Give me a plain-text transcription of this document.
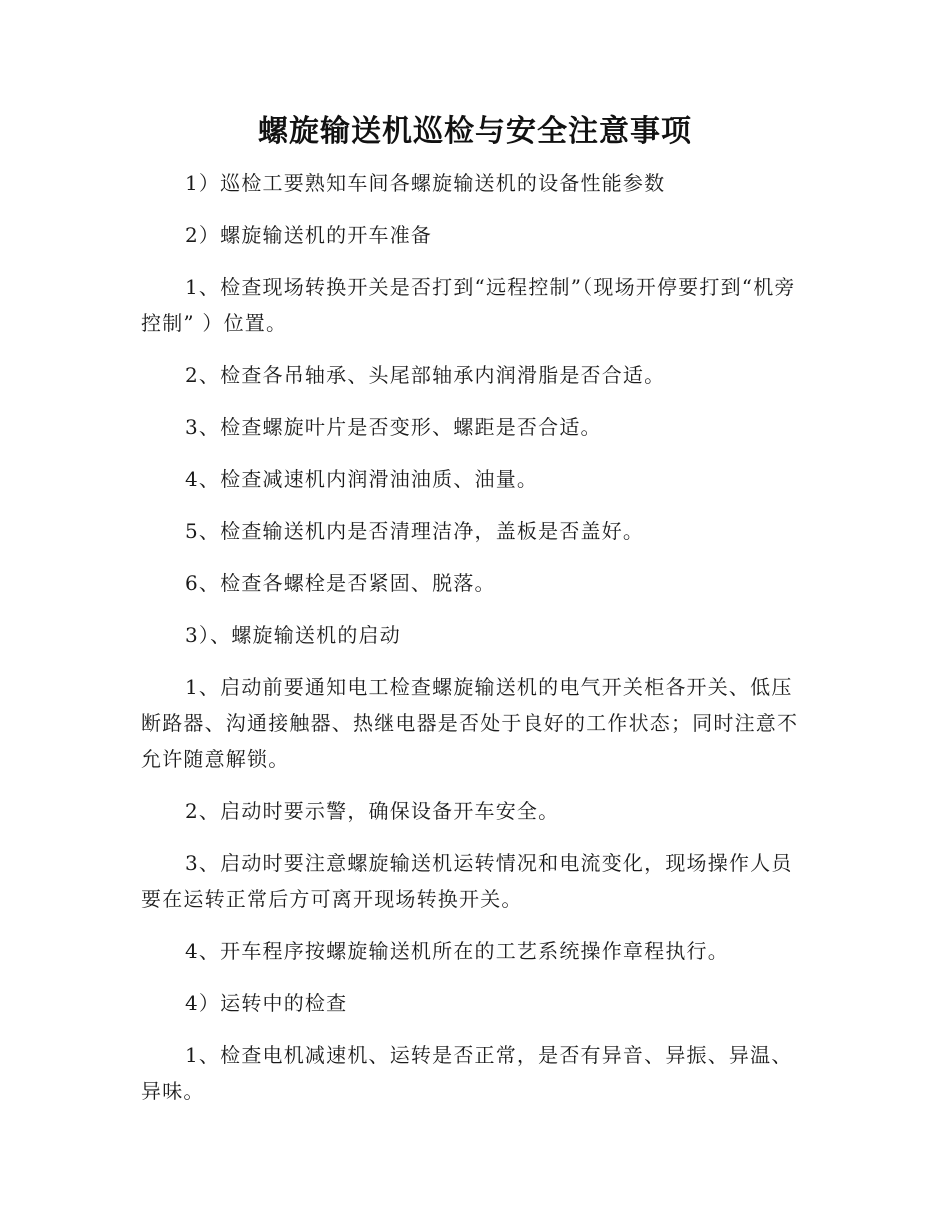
螺旋输送机巡检与安全注意事项

1）巡检工要熟知车间各螺旋输送机的设备性能参数

2）螺旋输送机的开车准备

1、检查现场转换开关是否打到“远程控制”（现场开停要打到“机旁控制” ）位置。

2、检查各吊轴承、头尾部轴承内润滑脂是否合适。

3、检查螺旋叶片是否变形、螺距是否合适。

4、检查减速机内润滑油油质、油量。

5、检查输送机内是否清理洁净，盖板是否盖好。

6、检查各螺栓是否紧固、脱落。

3）、螺旋输送机的启动

1、启动前要通知电工检查螺旋输送机的电气开关柜各开关、低压断路器、沟通接触器、热继电器是否处于良好的工作状态；同时注意不允许随意解锁。

2、启动时要示警，确保设备开车安全。

3、启动时要注意螺旋输送机运转情况和电流变化，现场操作人员要在运转正常后方可离开现场转换开关。

4、开车程序按螺旋输送机所在的工艺系统操作章程执行。

4）运转中的检查

1、检查电机减速机、运转是否正常，是否有异音、异振、异温、异味。
